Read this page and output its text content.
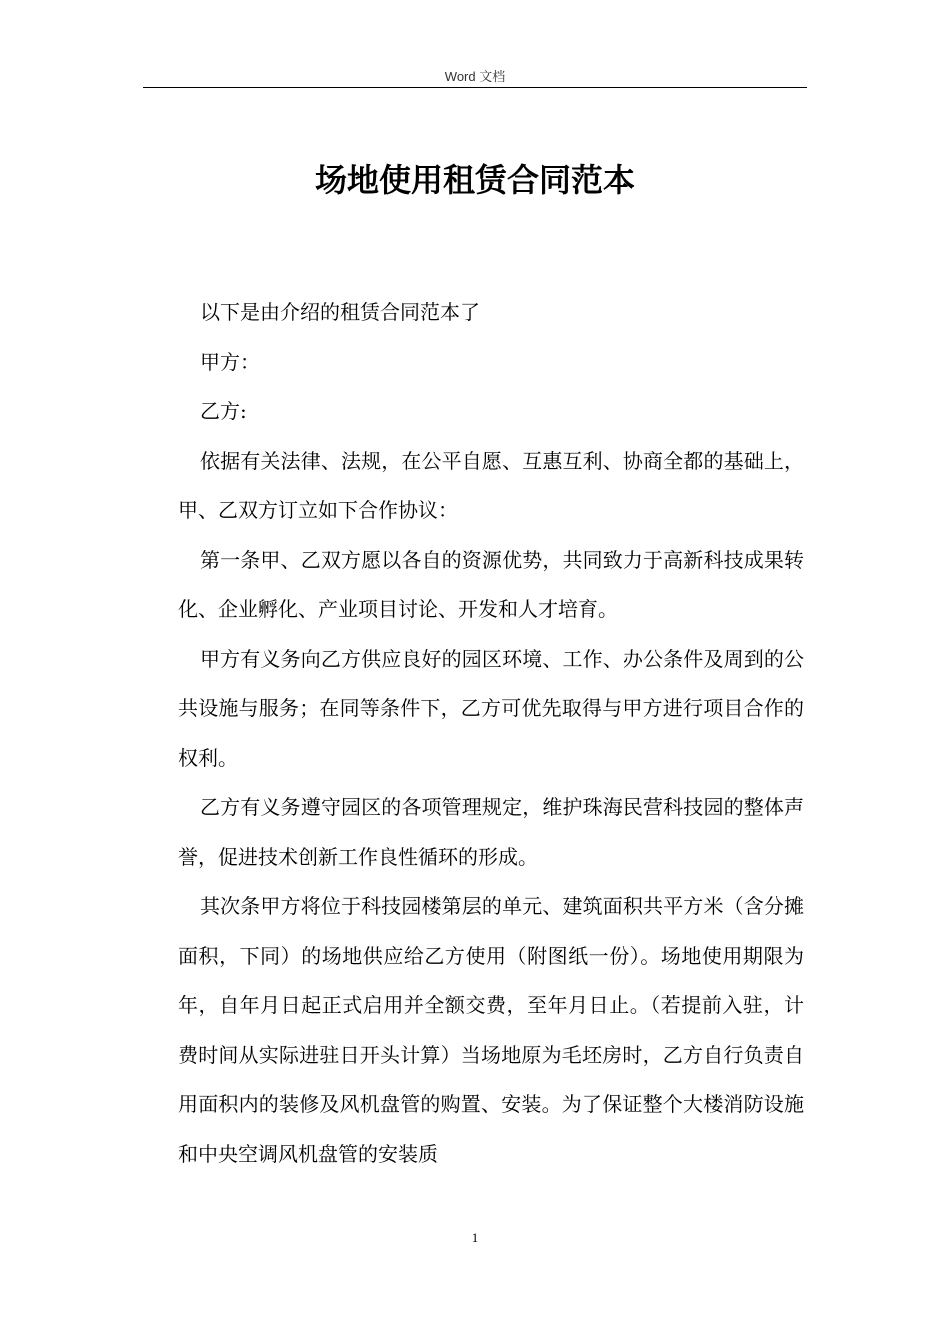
Word 文档
场地使用租赁合同范本

以下是由介绍的租赁合同范本了

甲方：

乙方:

依据有关法律、法规，在公平自愿、互惠互利、协商全都的基础上，甲、乙双方订立如下合作协议：

第一条甲、乙双方愿以各自的资源优势，共同致力于高新科技成果转化、企业孵化、产业项目讨论、开发和人才培育。

甲方有义务向乙方供应良好的园区环境、工作、办公条件及周到的公共设施与服务；在同等条件下，乙方可优先取得与甲方进行项目合作的权利。

乙方有义务遵守园区的各项管理规定，维护珠海民营科技园的整体声誉，促进技术创新工作良性循环的形成。

其次条甲方将位于科技园楼第层的单元、建筑面积共平方米（含分摊面积，下同）的场地供应给乙方使用（附图纸一份）。场地使用期限为年，自年月日起正式启用并全额交费，至年月日止。（若提前入驻，计费时间从实际进驻日开头计算）当场地原为毛坯房时，乙方自行负责自用面积内的装修及风机盘管的购置、安装。为了保证整个大楼消防设施和中央空调风机盘管的安装质

1
